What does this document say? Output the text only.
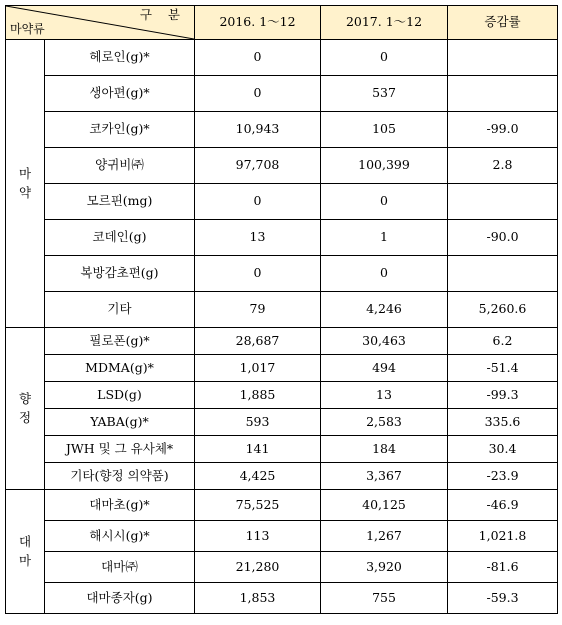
구 분
마약류		2016. 1～12	2017. 1～12	증감률
마약	헤로인(g)*	0	0	
	생아편(g)*	0	537	
	코카인(g)*	10,943	105	-99.0
	양귀비㈜	97,708	100,399	2.8
	모르핀(mg)	0	0	
	코데인(g)	13	1	-90.0
	복방감초편(g)	0	0	
	기타	79	4,246	5,260.6
향정	필로폰(g)*	28,687	30,463	6.2
	MDMA(g)*	1,017	494	-51.4
	LSD(g)	1,885	13	-99.3
	YABA(g)*	593	2,583	335.6
	JWH 및 그 유사체*	141	184	30.4
	기타(향정 의약품)	4,425	3,367	-23.9
대마	대마초(g)*	75,525	40,125	-46.9
	해시시(g)*	113	1,267	1,021.8
	대마㈜	21,280	3,920	-81.6
	대마종자(g)	1,853	755	-59.3
